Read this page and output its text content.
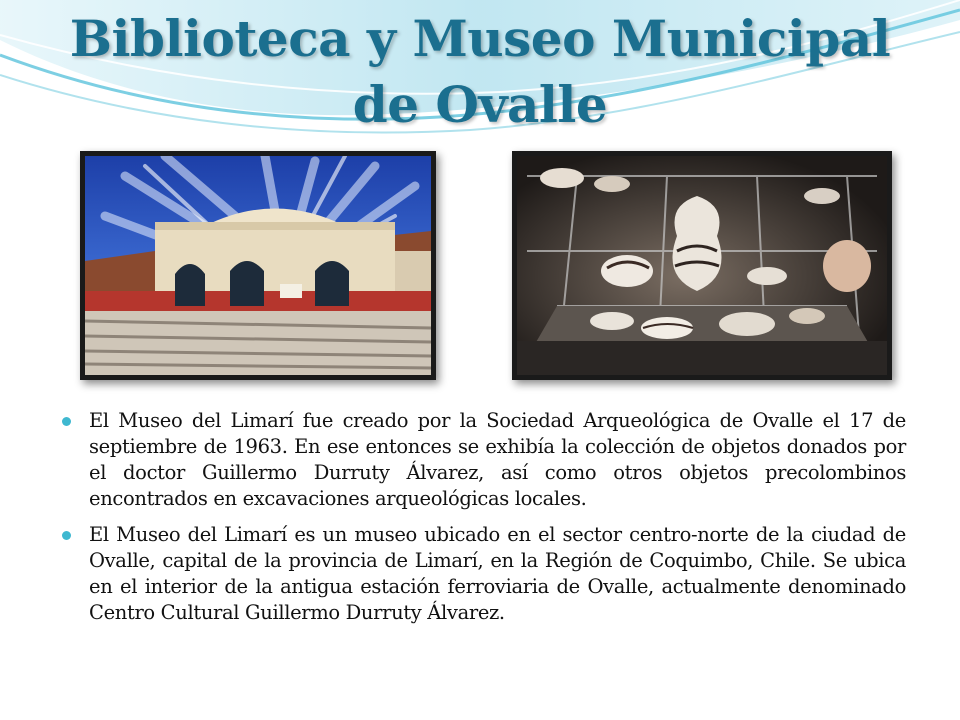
Biblioteca y Museo Municipal
de Ovalle
El Museo del Limarí fue creado por la Sociedad Arqueológica de Ovalle el 17 de septiembre de 1963. En ese entonces se exhibía la colección de objetos donados por el doctor Guillermo Durruty Álvarez, así como otros objetos precolombinos encontrados en excavaciones arqueológicas locales.
El Museo del Limarí es un museo ubicado en el sector centro-norte de la ciudad de Ovalle, capital de la provincia de Limarí, en la Región de Coquimbo, Chile. Se ubica en el interior de la antigua estación ferroviaria de Ovalle, actualmente denominado Centro Cultural Guillermo Durruty Álvarez.
